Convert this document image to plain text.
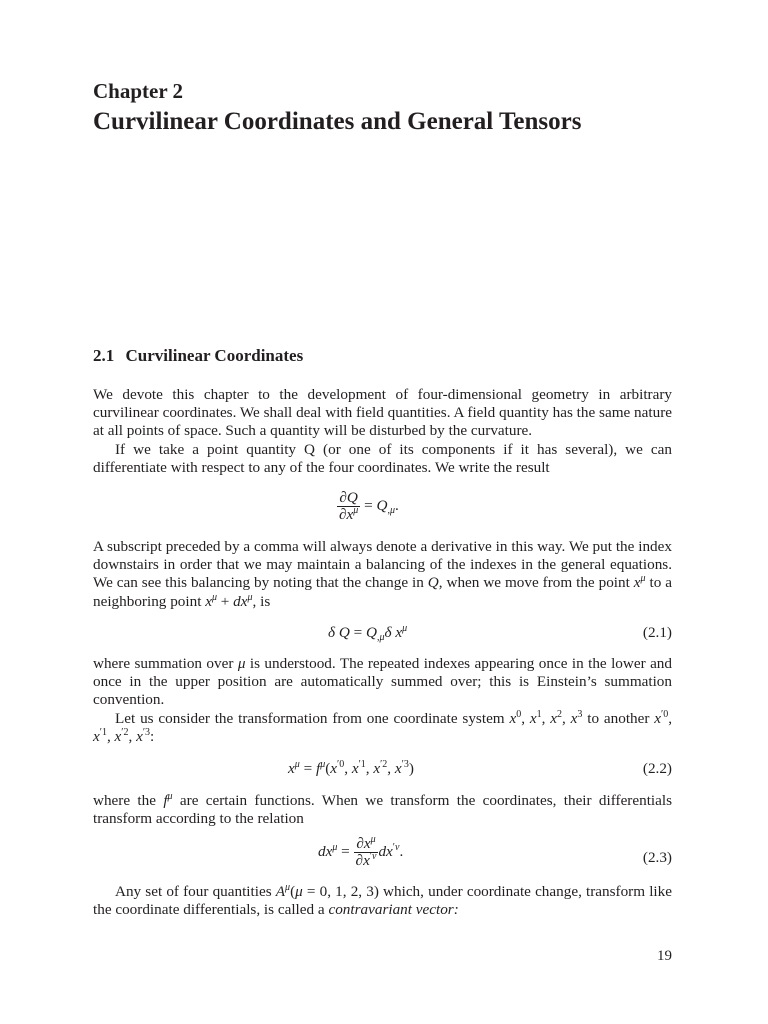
Chapter 2
Curvilinear Coordinates and General Tensors
2.1 Curvilinear Coordinates

We devote this chapter to the development of four-dimensional geometry in arbitrary curvilinear coordinates. We shall deal with field quantities. A field quantity has the same nature at all points of space. Such a quantity will be disturbed by the curvature.

If we take a point quantity Q (or one of its components if it has several), we can differentiate with respect to any of the four coordinates. We write the result

$\frac{\partial Q}{\partial x^\mu} = Q_{,\mu}$.

A subscript preceded by a comma will always denote a derivative in this way. We put the index downstairs in order that we may maintain a balancing of the indexes in the general equations. We can see this balancing by noting that the change in Q, when we move from the point $x^\mu$ to a neighboring point $x^\mu + dx^\mu$, is

δ $Q = Q_{,\mu}\delta$ $x^\mu$	(2.1)

where summation over μ is understood. The repeated indexes appearing once in the lower and once in the upper position are automatically summed over; this is Einstein’s summation convention.

Let us consider the transformation from one coordinate system $x^0$, $x^1$, $x^2$, $x^3$ to another $x^{'0}$, $x^{'1}$, $x^{'2}$, $x^{'3}$:

$x^\mu = f^\mu(x^{'0}$, $x^{'1}$, $x^{'2}$, $x^{'3}$)	(2.2)

where the $f^\mu$ are certain functions. When we transform the coordinates, their differentials transform according to the relation

$dx^\mu = \frac{\partial x^\mu}{\partial x^{'\nu}} dx^{'\nu}$.	(2.3)

Any set of four quantities $A^\mu(\mu = 0$, 1, 2, 3) which, under coordinate change, transform like the coordinate differentials, is called a contravariant vector:

19
